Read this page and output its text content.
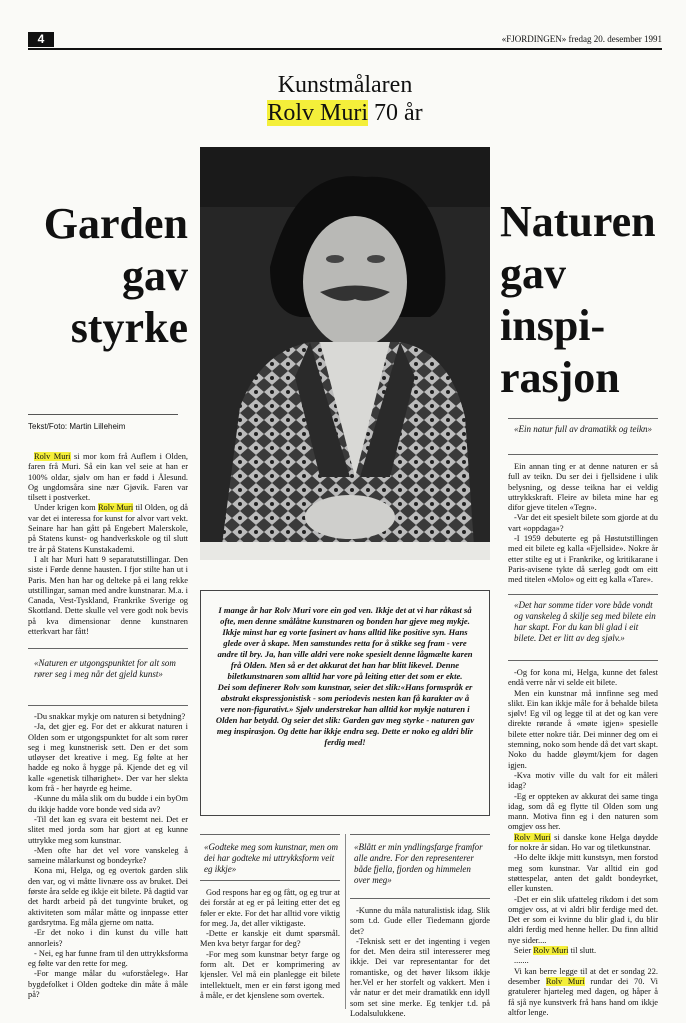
4	«FJORDINGEN» fredag 20. desember 1991
Kunstmålaren
Rolv Muri 70 år
Garden
gav
styrke
Naturen
gav
inspi-
rasjon
Tekst/Foto: Martin Lilleheim

Rolv Muri si mor kom frå Auflem i Olden, faren frå Muri. Så ein kan vel seie at han er 100% oldar, sjølv om han er fødd i Ålesund. Og ungdomsåra sine nær Gjøvik. Faren var tilsett i postverket.

Under krigen kom Rolv Muri til Olden, og då var det ei interessa for kunst for alvor vart vekt. Seinare har han gått på Engebert Malerskole, på Statens kunst- og handverkskole og til slutt tre år på Statens Kunstakademi.

I alt har Muri hatt 9 separatutstillingar. Den siste i Førde denne hausten. I fjor stilte han ut i Paris. Men han har og delteke på ei lang rekke utstillingar, saman med andre kunstnarar. M.a. i Canada, Vest-Tyskland, Frankrike Sverige og Skottland. Dette skulle vel vere godt nok bevis på kva dimensionar denne kunstnaren etterkvart har fått!

«Naturen er utgongspunktet for alt som rører seg i meg når det gjeld kunst»

-Du snakkar mykje om naturen si betydning?

-Ja, det gjer eg. For det er akkurat naturen i Olden som er utgongspunktet for alt som rører seg i meg kunstnerisk sett. Den er det som utløyser det kreative i meg. Eg følte at her hadde eg noko å hygge på. Kjende det eg vil kalle «genetisk tilhørighet». Der var her slekta kom frå - her høyrde eg heime.

-Kunne du måla slik om du budde i ein byOm du ikkje hadde vore bonde ved sida av?

-Til det kan eg svara eit bestemt nei. Det er slitet med jorda som har gjort at eg kunne uttrykke meg som kunstnar.

-Men ofte har det vel vore vanskeleg å sameine målarkunst og bondeyrke?

Kona mi, Helga, og eg overtok garden slik den var, og vi måtte livnære oss av bruket. Dei første åra selde eg ikkje eit bilete. På dagtid var det hardt arbeid på det tungvinte bruket, og aktiviteten som målar måtte og innpasse etter gardsrytma. Eg måla gjerne om natta.

-Er det noko i din kunst du ville hatt annorleis?

- Nei, eg har funne fram til den uttrykksforma eg følte var den rette for meg.

-For mange målar du «uforståeleg». Har bygdefolket i Olden godteke din måte å måle på?

I mange år har Rolv Muri vore ein god ven. Ikkje det at vi har råkast så ofte, men denne smålåtne kunstnaren og bonden har gjeve meg mykje. Ikkje minst har eg vorte fasinert av hans alltid like positive syn. Hans glede over å skape. Men samstundes retta for å stikke seg fram - vere andre til bry. Ja, han ville aldri vere noke spesielt denne lågmælte karen frå Olden. Men så er det akkurat det han har blitt likevel. Denne biletkunstnaren som alltid har vore på leiting etter det som er ekte.
Dei som definerer Rolv som kunstnar, seier det slik:«Hans formspråk er abstrakt ekspressjonistisk - som periodevis nesten kan få karakter av å vere non-figurativt.» Sjølv understrekar han alltid kor mykje naturen i Olden har betydd. Og seier det slik: Garden gav meg styrke - naturen gav meg inspirasjon. Og dette har ikkje endra seg. Dette er noko eg aldri blir ferdig med!
«Godteke meg som kunstnar, men om dei har godteke mi uttrykksform veit eg ikkje»

God respons har eg og fått, og eg trur at dei forstår at eg er på leiting etter det eg føler er ekte. For det har alltid vore viktig for meg. Ja, det aller viktigaste.

-Dette er kanskje eit dumt spørsmål. Men kva betyr fargar for deg?

-For meg som kunstnar betyr farge og form alt. Det er komprimering av kjensler. Vel må ein planlegge eit bilete intellektuelt, men er ein først igong med å måle, er det kjenslene som overtek.

«Blått er min yndlingsfarge framfor alle andre. For den representerer både fjella, fjorden og himmelen over meg»

-Kunne du måla naturalistisk idag. Slik som t.d. Gude eller Tiedemann gjorde det?

-Teknisk sett er det ingenting i vegen for det. Men deira stil interesserer meg ikkje. Dei var representantar for det romantiske, og det høver liksom ikkje her.Vel er her storfelt og vakkert. Men i vår natur er det meir dramatikk enn idyll som set sine merke. Eg tenkjer t.d. på Lodalsulukkene.

«Ein natur full av dramatikk og teikn»

Ein annan ting er at denne naturen er så full av teikn. Du ser dei i fjellsidene i ulik belysning, og desse teikna har ei veldig uttrykkskraft. Fleire av bileta mine har eg difor gjeve titelen «Tegn».

-Var det eit spesielt bilete som gjorde at du vart «oppdaga»?

-I 1959 debuterte eg på Høstutstillingen med eit bilete eg kalla «Fjellside». Nokre år etter stilte eg ut i Frankrike, og kritikarane i Paris-avisene tykte då særleg godt om eitt med titelen «Molo» og eitt eg kalla «Tare».

«Det har somme tider vore både vondt og vanskeleg å skilje seg med bilete ein har skapt. For du kan bli glad i eit bilete. Det er litt av deg sjølv.»

-Og for kona mi, Helga, kunne det følest endå verre når vi selde eit bilete.

Men ein kunstnar må innfinne seg med slikt. Ein kan ikkje måle for å behalde bileta sjølv! Eg vil og legge til at det og kan vere direkte rørande å «møte igjen» spesielle bilete etter nokre tiår. Dei minner deg om ei stemning, noko som hende då det vart skapt. Noko du hadde gløymt/kjem for dagen igjen.

-Kva motiv ville du valt for eit måleri idag?

-Eg er oppteken av akkurat dei same tinga idag, som då eg flytte til Olden som ung mann. Motiva finn eg i den naturen som omgjev oss her.

Rolv Muri si danske kone Helga døydde for nokre år sidan. Ho var og tiletkunstnar.

-Ho delte ikkje mitt kunstsyn, men forstod meg som kunstnar. Var alltid ein god støttespelar, anten det galdt bondeyrket, eller kunsten.

-Det er ein slik ufatteleg rikdom i det som omgjev oss, at vi aldri blir ferdige med det. Det er som ei kvinne du blir glad i, du blir aldri ferdig med henne heller. Du finn alltid nye sider....

Seier Rolv Muri til slutt.

.......

Vi kan berre legge til at det er sondag 22. desember Rolv Muri rundar dei 70. Vi gratulerer hjarteleg med dagen, og håper å få sjå nye kunstverk frå hans hand om ikkje altfor lenge.
